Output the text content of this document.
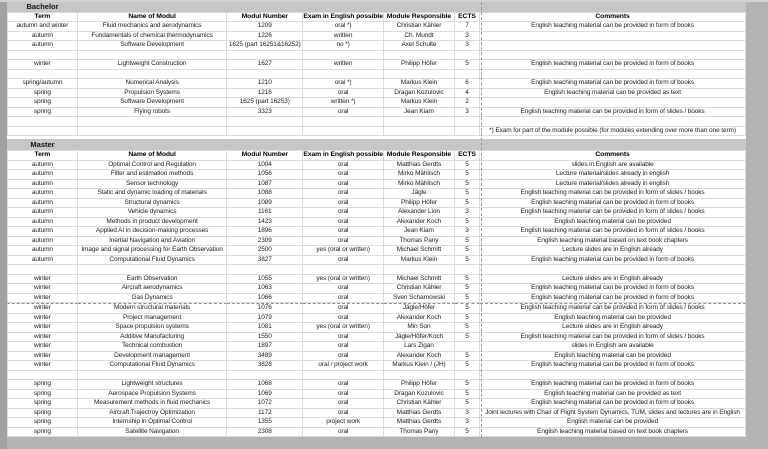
Bachelor
Term	Name of Modul	Modul Number	Exam in English possible	Module Responsible	ECTS	Comments
autumn and winter	Fluid mechanics and aerodynamics	1209	oral *)	Christian Kähler	7	English teaching material can be provided in form of books
autumn	Fundamentals of chemical thermodynamics	1226	written	Ch. Mundt	3	
autumn	Software Development	1625 (part 16251&16252)	no *)	Axel Schulte	3	

winter	Lightweight Construction	1627	written	Philipp Höfer	5	English teaching material can be provided in form of books

spring/autumn	Numerical Analysis	1210	oral *)	Markus Klein	6	English teaching material can be provided in form of books
spring	Propulsion Systems	1216	oral	Dragan Kozulovic	4	English teaching material can be provided as text
spring	Software Development	1625 (part 16253)	written *)	Markus Klein	2	
spring	Flying robots	3323	oral	Jean Kiam	3	English teaching material can be provided in form of slides / books

						*) Exam for part of the module possible (for modules extending over more than one term)
Master
Term	Name of Modul	Modul Number	Exam in English possible	Module Responsible	ECTS	Comments
autumn	Optimal Control and Regulation	1004	oral	Matthias Gerdts	5	slides in English are available
autumn	Filter and estimation methods	1056	oral	Mirko Mählisch	5	Lecture material/slides already in english
autumn	Sensor technology	1087	oral	Mirko Mählisch	5	Lecture material/slides already in english
autumn	Static and dynamic loading of materials	1088	oral	Jägle	5	English teaching material can be provided in form of slides / books
autumn	Structural dynamics	1089	oral	Philipp Höfer	5	English teaching material can be provided in form of books
autumn	Vehicle dynamics	1161	oral	Alexander Lion	3	English teaching material can be provided in form of slides / books
autumn	Methods in product development	1423	oral	Alexander Koch	5	English teaching material can be provided
autumn	Applied AI in decision-making processes	1896	oral	Jean Kiam	3	English teaching material can be provided in form of slides / books
autumn	Inertial Navigation and Aviation	2309	oral	Thomas Pany	5	English teaching material based on text book chapters
autumn	Image and signal processing for Earth Observation	2500	yes (oral or written)	Michael Schmitt	5	Lecture slides are in English already
autumn	Computational Fluid Dynamics	3827	oral	Markus Klein	5	English teaching material can be provided in form of books

winter	Earth Observation	1055	yes (oral or written)	Michael Schmitt	5	Lecture slides are in English already
winter	Aircraft aerodynamics	1063	oral	Christian Kähler	5	English teaching material can be provided in form of books
winter	Gas Dynamics	1066	oral	Sven Scharnowski	5	English teaching material can be provided in form of books
winter	Modern structural materials	1076	oral	Jägle/Höfer	5	English teaching material can be provided in form of slides / books
winter	Project management	1079	oral	Alexander Koch	5	English teaching material can be provided
winter	Space propulsion systems	1081	yes (oral or written)	Min Son	5	Lecture slides are in English already
winter	Additive Manufacturing	1550	oral	Jägle/Höfer/Koch	5	English teaching material can be provided in form of slides / books
winter	Technical combustion	1897	oral	Lars Zigan		slides in English are available
winter	Development management	3489	oral	Alexander Koch	5	English teaching material can be provided
winter	Computational Fluid Dynamics	3828	oral / project work	Markus Klein / (JH)	5	English teaching material can be provided in form of books

spring	Lightweight structures	1068	oral	Philipp Höfer	5	English teaching material can be provided in form of books
spring	Aerospace Propulsion Systems	1069	oral	Dragan Kozulovic	5	English teaching material can be provided as text
spring	Measurement methods in fluid mechanics	1072	oral	Christian Kähler	5	English teaching material can be provided in form of books
spring	Aircraft Trajectroy Optimization	1172	oral	Matthias Gerdts	3	Joint lectures with Chair of Flight System Dynamics, TUM, slides and lectures are in English
spring	Internship in Optimal Control	1355	project work	Matthias Gerdts	3	English material can be provided
spring	Satellite Navigation	2308	oral	Thomas Pany	5	English teaching material based on text book chapters
